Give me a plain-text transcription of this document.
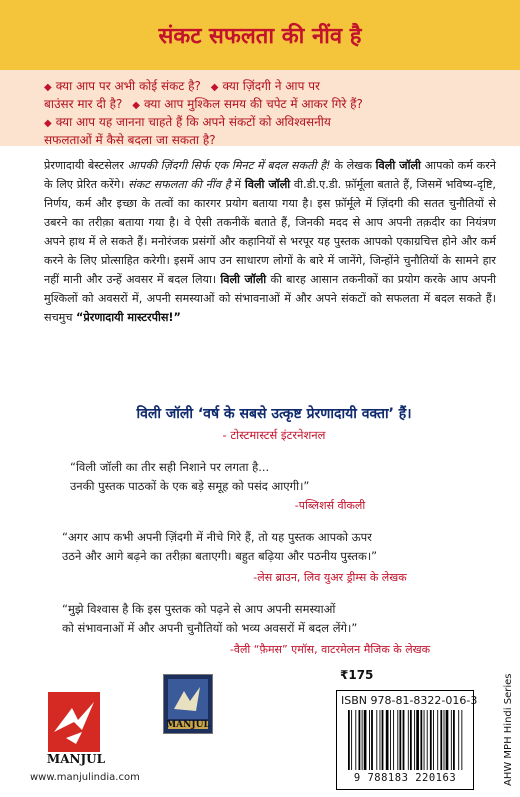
संकट सफलता की नींव है
◆ क्या आप पर अभी कोई संकट है? ◆ क्या ज़िंदगी ने आप पर
बाउंसर मार दी है? ◆ क्या आप मुश्किल समय की चपेट में आकर गिरे हैं?
◆ क्या आप यह जानना चाहते हैं कि अपने संकटों को अविश्वसनीय
सफलताओं में कैसे बदला जा सकता है?
प्रेरणादायी बेस्टसेलर आपकी ज़िंदगी सिर्फ एक मिनट में बदल सकती है! के लेखक विली जॉली आपको कर्म करने के लिए प्रेरित करेंगे। संकट सफलता की नींव है में विली जॉली वी.डी.ए.डी. फ़ॉर्मूला बताते हैं, जिसमें भविष्य-दृष्टि, निर्णय, कर्म और इच्छा के तत्वों का कारगर प्रयोग बताया गया है। इस फ़ॉर्मूले में ज़िंदगी की सतत चुनौतियों से उबरने का तरीक़ा बताया गया है। वे ऐसी तकनीकें बताते हैं, जिनकी मदद से आप अपनी तक़दीर का नियंत्रण अपने हाथ में ले सकते हैं। मनोरंजक प्रसंगों और कहानियों से भरपूर यह पुस्तक आपको एकाग्रचित्त होने और कर्म करने के लिए प्रोत्साहित करेगी। इसमें आप उन साधारण लोगों के बारे में जानेंगे, जिन्होंने चुनौतियों के सामने हार नहीं मानी और उन्हें अवसर में बदल लिया। विली जॉली की बारह आसान तकनीकों का प्रयोग करके आप अपनी मुश्किलों को अवसरों में, अपनी समस्याओं को संभावनाओं में और अपने संकटों को सफलता में बदल सकते हैं। सचमुच “प्रेरणादायी मास्टरपीस!”
विली जॉली ‘वर्ष के सबसे उत्कृष्ट प्रेरणादायी वक्ता’ हैं।
- टोस्टमास्टर्स इंटरनेशनल
“विली जॉली का तीर सही निशाने पर लगता है...
उनकी पुस्तक पाठकों के एक बड़े समूह को पसंद आएगी।”
-पब्लिशर्स वीकली
“अगर आप कभी अपनी ज़िंदगी में नीचे गिरे हैं, तो यह पुस्तक आपको ऊपर
उठने और आगे बढ़ने का तरीक़ा बताएगी। बहुत बढ़िया और पठनीय पुस्तक।”
-लेस ब्राउन, लिव युअर ड्रीम्स के लेखक
“मुझे विश्वास है कि इस पुस्तक को पढ़ने से आप अपनी समस्याओं
को संभावनाओं में और अपनी चुनौतियों को भव्य अवसरों में बदल लेंगे।”
-वैली “फ़ैमस” एमॉस, वाटरमेलन मैजिक के लेखक
MANJUL
www.manjulindia.com
MANJUL
₹175
ISBN 978-81-8322-016-3
9 788183 220163	AHW MPH Hindi Series
